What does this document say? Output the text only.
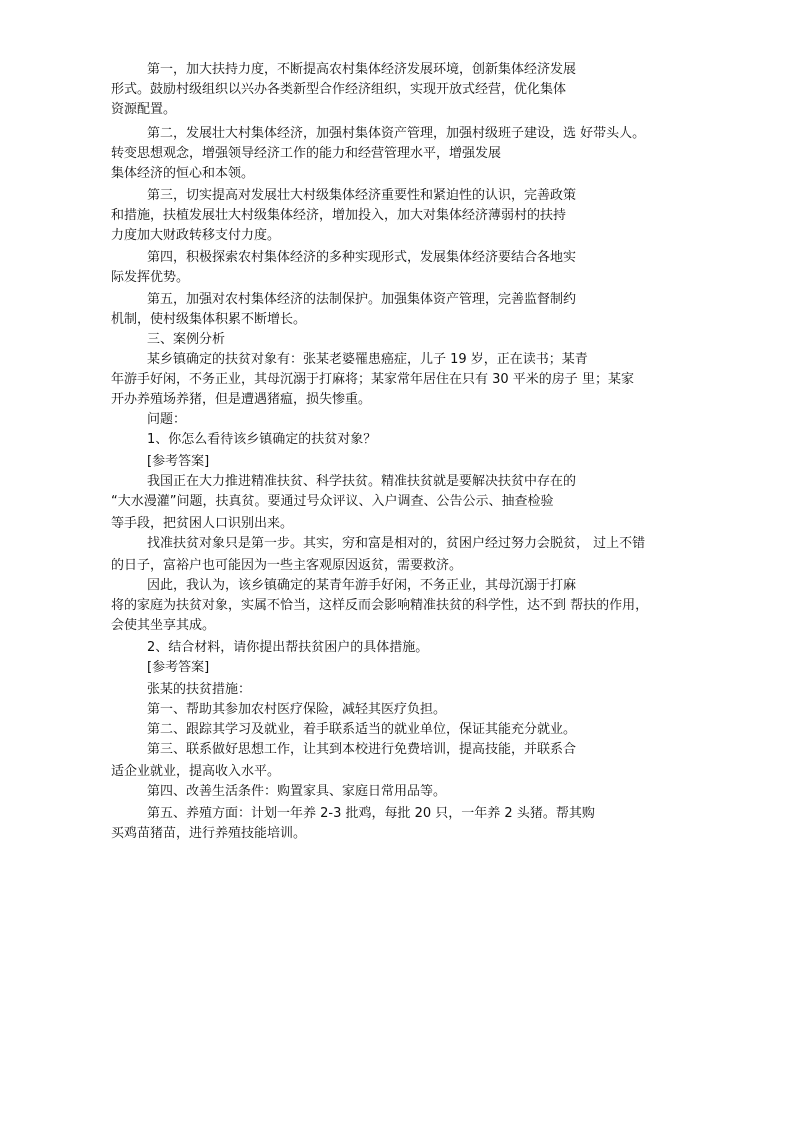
第一，加大扶持力度，不断提高农村集体经济发展环境，创新集体经济发展
形式。鼓励村级组织以兴办各类新型合作经济组织，实现开放式经营，优化集体
资源配置。
第二，发展壮大村集体经济，加强村集体资产管理，加强村级班子建设，选 好带头人。
转变思想观念，增强领导经济工作的能力和经营管理水平，增强发展
集体经济的恒心和本领。
第三，切实提高对发展壮大村级集体经济重要性和紧迫性的认识，完善政策
和措施，扶植发展壮大村级集体经济，增加投入，加大对集体经济薄弱村的扶持
力度加大财政转移支付力度。
第四，积极探索农村集体经济的多种实现形式，发展集体经济要结合各地实
际发挥优势。
第五，加强对农村集体经济的法制保护。加强集体资产管理，完善监督制约
机制，使村级集体积累不断增长。
三、案例分析
某乡镇确定的扶贫对象有：张某老婆罹患癌症，儿子 19 岁，正在读书；某青
年游手好闲，不务正业，其母沉溺于打麻将；某家常年居住在只有 30 平米的房子 里；某家
开办养殖场养猪，但是遭遇猪瘟，损失惨重。
问题：
1、你怎么看待该乡镇确定的扶贫对象？
[参考答案]
我国正在大力推进精准扶贫、科学扶贫。精准扶贫就是要解决扶贫中存在的
“大水漫灌”问题，扶真贫。要通过号众评议、入户调查、公告公示、抽查检验
等手段，把贫困人口识别出来。
找准扶贫对象只是第一步。其实，穷和富是相对的，贫困户经过努力会脱贫， 过上不错
的日子，富裕户也可能因为一些主客观原因返贫，需要救济。
因此，我认为，该乡镇确定的某青年游手好闲，不务正业，其母沉溺于打麻
将的家庭为扶贫对象，实属不恰当，这样反而会影响精准扶贫的科学性，达不到 帮扶的作用，
会使其坐享其成。
2、结合材料，请你提出帮扶贫困户的具体措施。
[参考答案]
张某的扶贫措施：
第一、帮助其参加农村医疗保险，减轻其医疗负担。
第二、跟踪其学习及就业，着手联系适当的就业单位，保证其能充分就业。
第三、联系做好思想工作，让其到本校进行免费培训，提高技能，并联系合
适企业就业，提高收入水平。
第四、改善生活条件：购置家具、家庭日常用品等。
第五、养殖方面：计划一年养 2-3 批鸡，每批 20 只，一年养 2 头猪。帮其购
买鸡苗猪苗，进行养殖技能培训。
